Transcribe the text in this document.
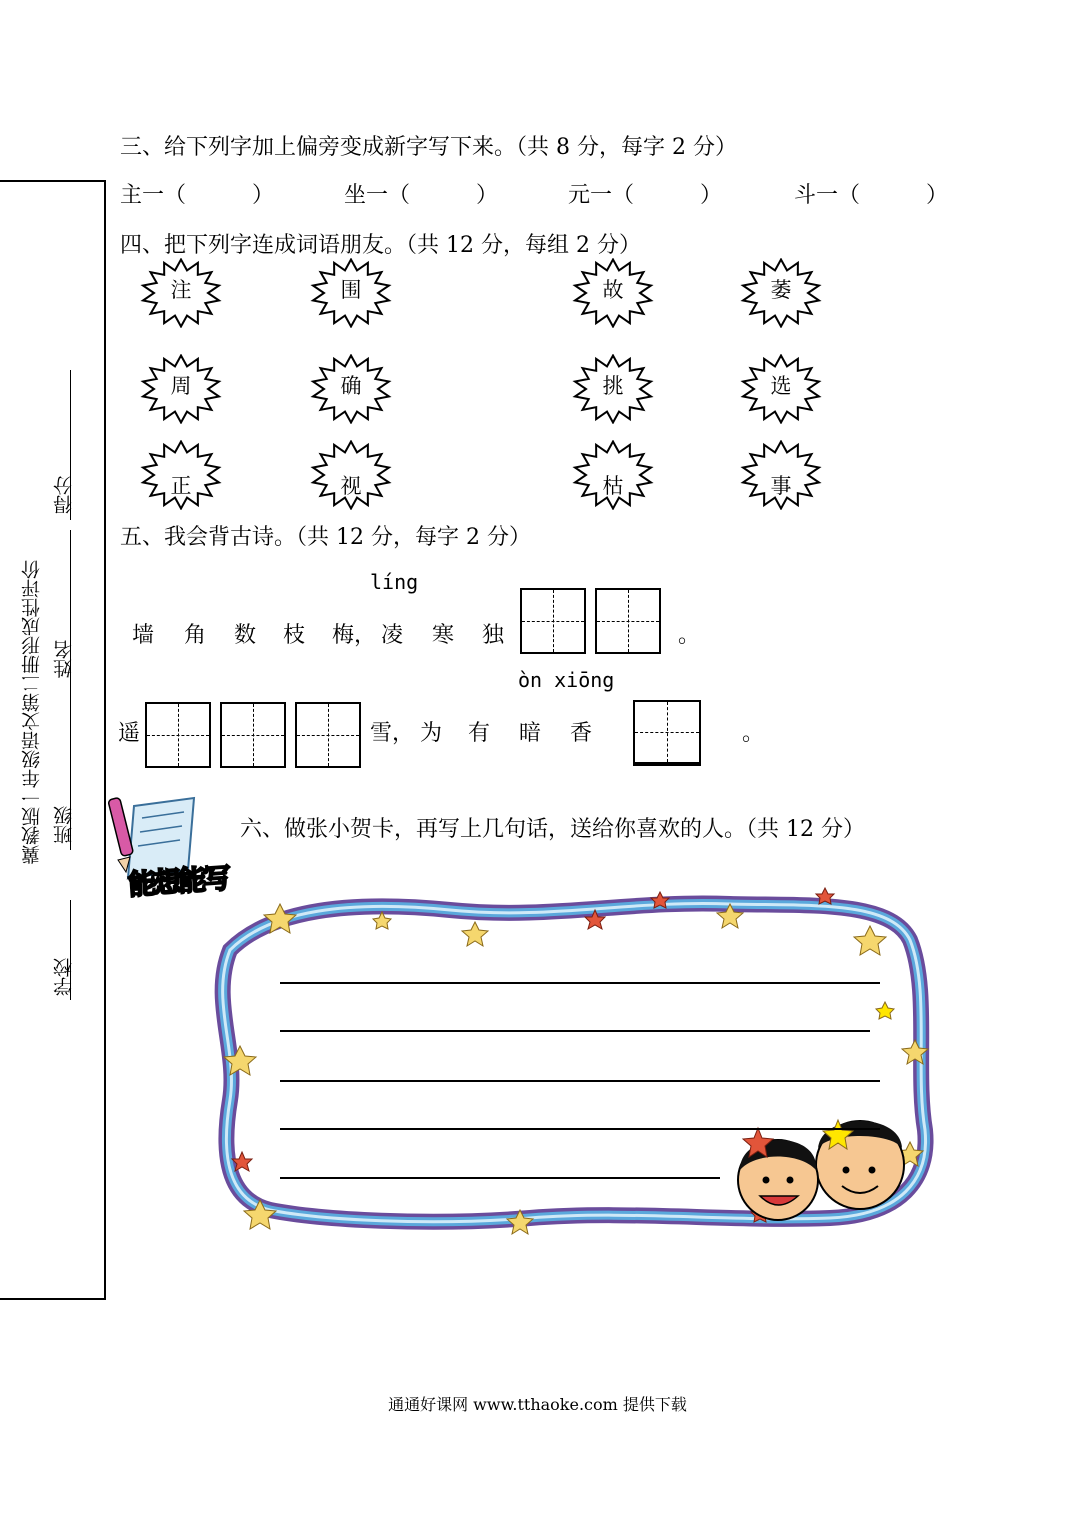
冀教版一年级语文第二册形成性评价
学校
班级
姓名
得分
三、给下列字加上偏旁变成新字写下来。（共 8 分，每字 2 分）
主一（　　　）	坐一（　　　）	元一（　　　）	斗一（　　　）
四、把下列字连成词语朋友。（共 12 分，每组 2 分）
注	围	故	萎
周	确	挑	选
正	视	枯	事
五、我会背古诗。（共 12 分，每字 2 分）
líng
墙 角 数 枝 梅， 凌 寒 独	。
òn xiōng
遥	雪， 为 有 暗 香	。
能想能写
六、做张小贺卡，再写上几句话，送给你喜欢的人。（共 12 分）
通通好课网 www.tthaoke.com 提供下载
